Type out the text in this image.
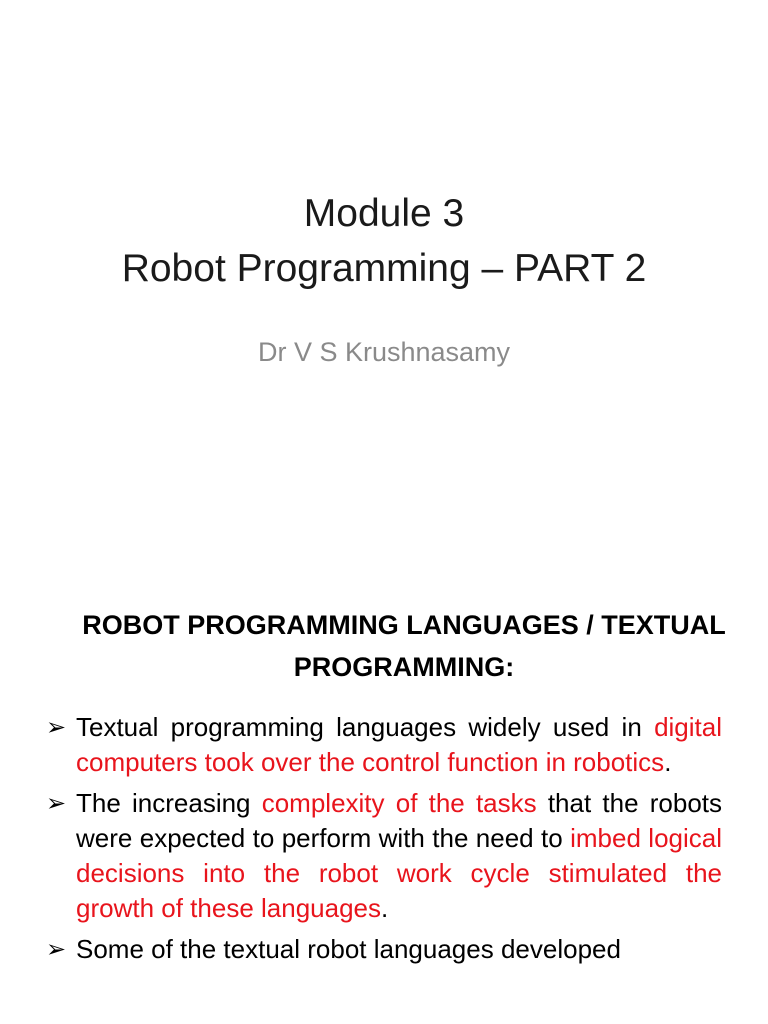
Module 3
Robot Programming – PART 2
Dr V S Krushnasamy
ROBOT PROGRAMMING LANGUAGES / TEXTUAL
PROGRAMMING:
➢ Textual programming languages widely used in digital computers took over the control function in robotics.
➢ The increasing complexity of the tasks that the robots were expected to perform with the need to imbed logical decisions into the robot work cycle stimulated the growth of these languages.
➢ Some of the textual robot languages developed
